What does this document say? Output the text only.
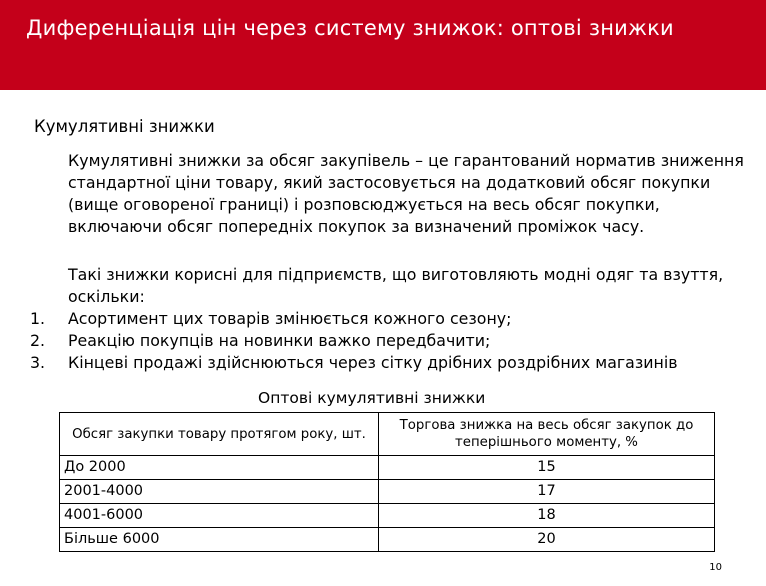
Диференціація цін через систему знижок: оптові знижки
Кумулятивні знижки
Кумулятивні знижки за обсяг закупівель – це гарантований норматив зниження стандартної ціни товару, який застосовується на додатковий обсяг покупки (вище оговореної границі) і розповсюджується на весь обсяг покупки, включаючи обсяг попередніх покупок за визначений проміжок часу.
Такі знижки корисні для підприємств, що виготовляють модні одяг та взуття, оскільки:
1.	Асортимент цих товарів змінюється кожного сезону;
2.	Реакцію покупців на новинки важко передбачити;
3.	Кінцеві продажі здійснюються через сітку дрібних роздрібних магазинів
Оптові кумулятивні знижки
Обсяг закупки товару протягом року, шт.	Торгова знижка на весь обсяг закупок до теперішнього моменту, %
До 2000	15
2001-4000	17
4001-6000	18
Більше 6000	20
10
